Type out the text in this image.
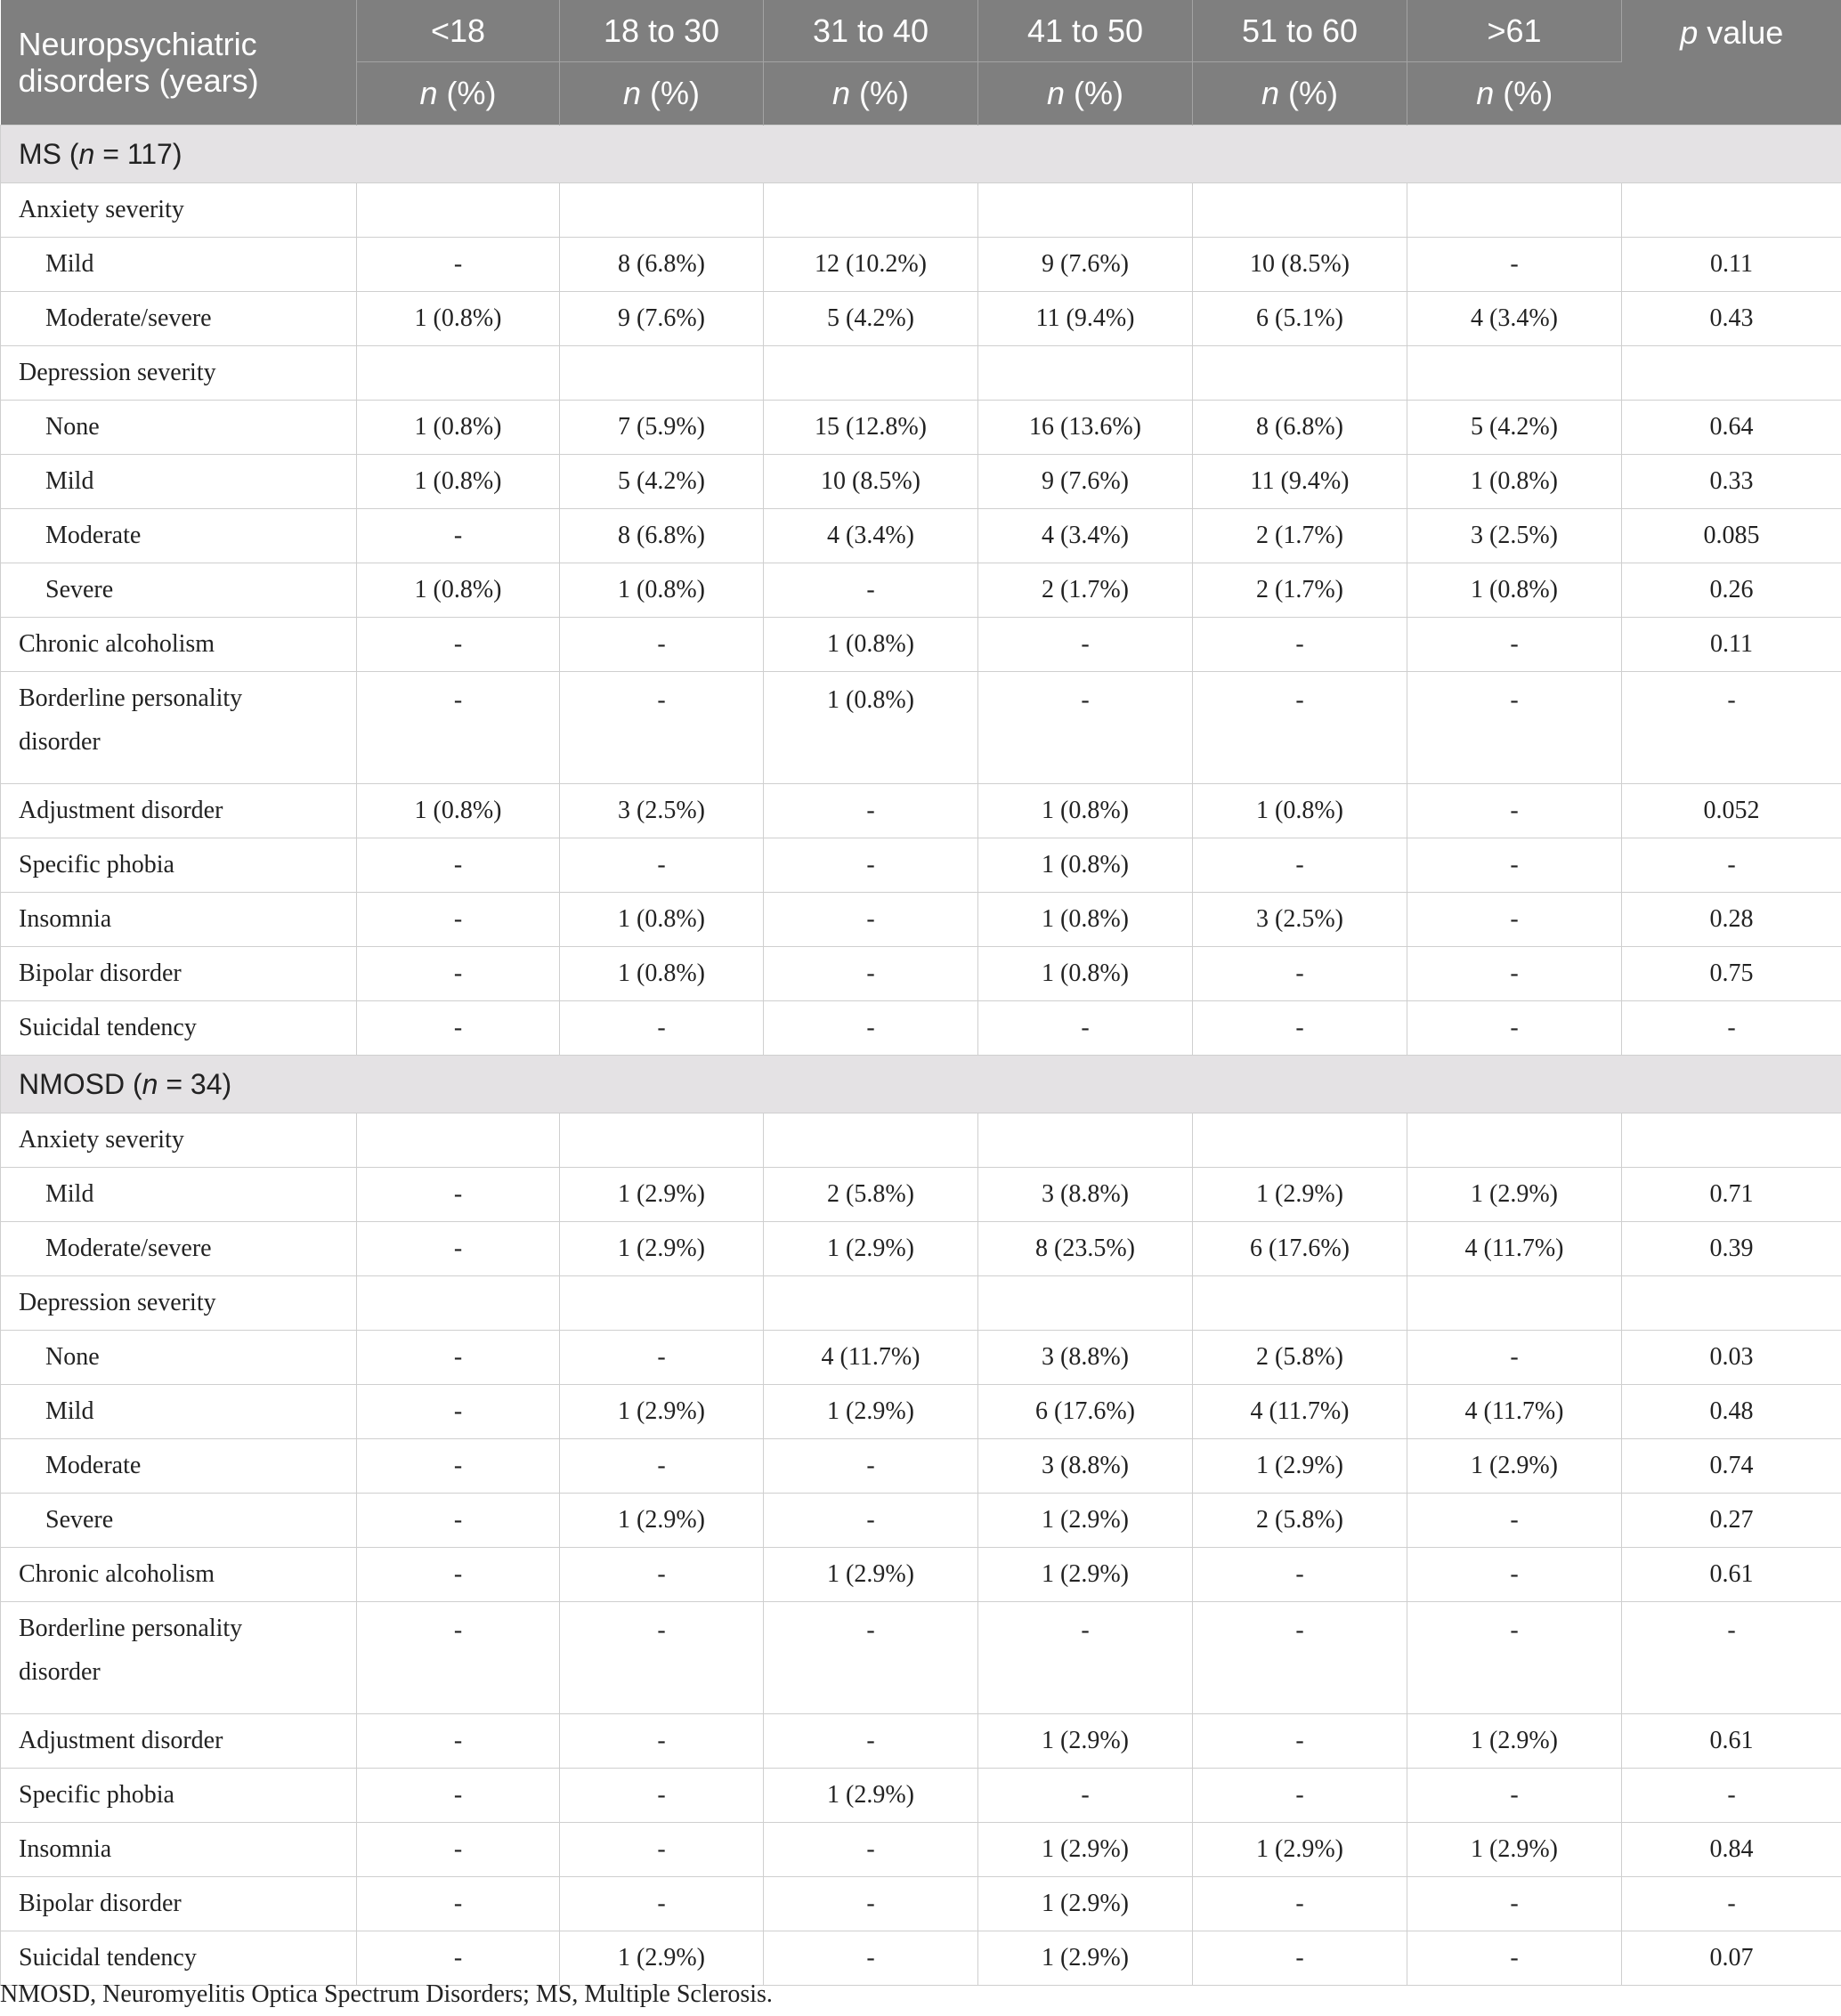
Neuropsychiatric
disorders (years)	<18	18 to 30	31 to 40	41 to 50	51 to 60	>61	p value
	n (%)	n (%)	n (%)	n (%)	n (%)	n (%)	
MS (n = 117)							
Anxiety severity							
Mild	-	8 (6.8%)	12 (10.2%)	9 (7.6%)	10 (8.5%)	-	0.11
Moderate/severe	1 (0.8%)	9 (7.6%)	5 (4.2%)	11 (9.4%)	6 (5.1%)	4 (3.4%)	0.43
Depression severity							
None	1 (0.8%)	7 (5.9%)	15 (12.8%)	16 (13.6%)	8 (6.8%)	5 (4.2%)	0.64
Mild	1 (0.8%)	5 (4.2%)	10 (8.5%)	9 (7.6%)	11 (9.4%)	1 (0.8%)	0.33
Moderate	-	8 (6.8%)	4 (3.4%)	4 (3.4%)	2 (1.7%)	3 (2.5%)	0.085
Severe	1 (0.8%)	1 (0.8%)	-	2 (1.7%)	2 (1.7%)	1 (0.8%)	0.26
Chronic alcoholism	-	-	1 (0.8%)	-	-	-	0.11
Borderline personality
disorder	-	-	1 (0.8%)	-	-	-	-
Adjustment disorder	1 (0.8%)	3 (2.5%)	-	1 (0.8%)	1 (0.8%)	-	0.052
Specific phobia	-	-	-	1 (0.8%)	-	-	-
Insomnia	-	1 (0.8%)	-	1 (0.8%)	3 (2.5%)	-	0.28
Bipolar disorder	-	1 (0.8%)	-	1 (0.8%)	-	-	0.75
Suicidal tendency	-	-	-	-	-	-	-
NMOSD (n = 34)							
Anxiety severity							
Mild	-	1 (2.9%)	2 (5.8%)	3 (8.8%)	1 (2.9%)	1 (2.9%)	0.71
Moderate/severe	-	1 (2.9%)	1 (2.9%)	8 (23.5%)	6 (17.6%)	4 (11.7%)	0.39
Depression severity							
None	-	-	4 (11.7%)	3 (8.8%)	2 (5.8%)	-	0.03
Mild	-	1 (2.9%)	1 (2.9%)	6 (17.6%)	4 (11.7%)	4 (11.7%)	0.48
Moderate	-	-	-	3 (8.8%)	1 (2.9%)	1 (2.9%)	0.74
Severe	-	1 (2.9%)	-	1 (2.9%)	2 (5.8%)	-	0.27
Chronic alcoholism	-	-	1 (2.9%)	1 (2.9%)	-	-	0.61
Borderline personality
disorder	-	-	-	-	-	-	-
Adjustment disorder	-	-	-	1 (2.9%)	-	1 (2.9%)	0.61
Specific phobia	-	-	1 (2.9%)	-	-	-	-
Insomnia	-	-	-	1 (2.9%)	1 (2.9%)	1 (2.9%)	0.84
Bipolar disorder	-	-	-	1 (2.9%)	-	-	-
Suicidal tendency	-	1 (2.9%)	-	1 (2.9%)	-	-	0.07
NMOSD, Neuromyelitis Optica Spectrum Disorders; MS, Multiple Sclerosis.
